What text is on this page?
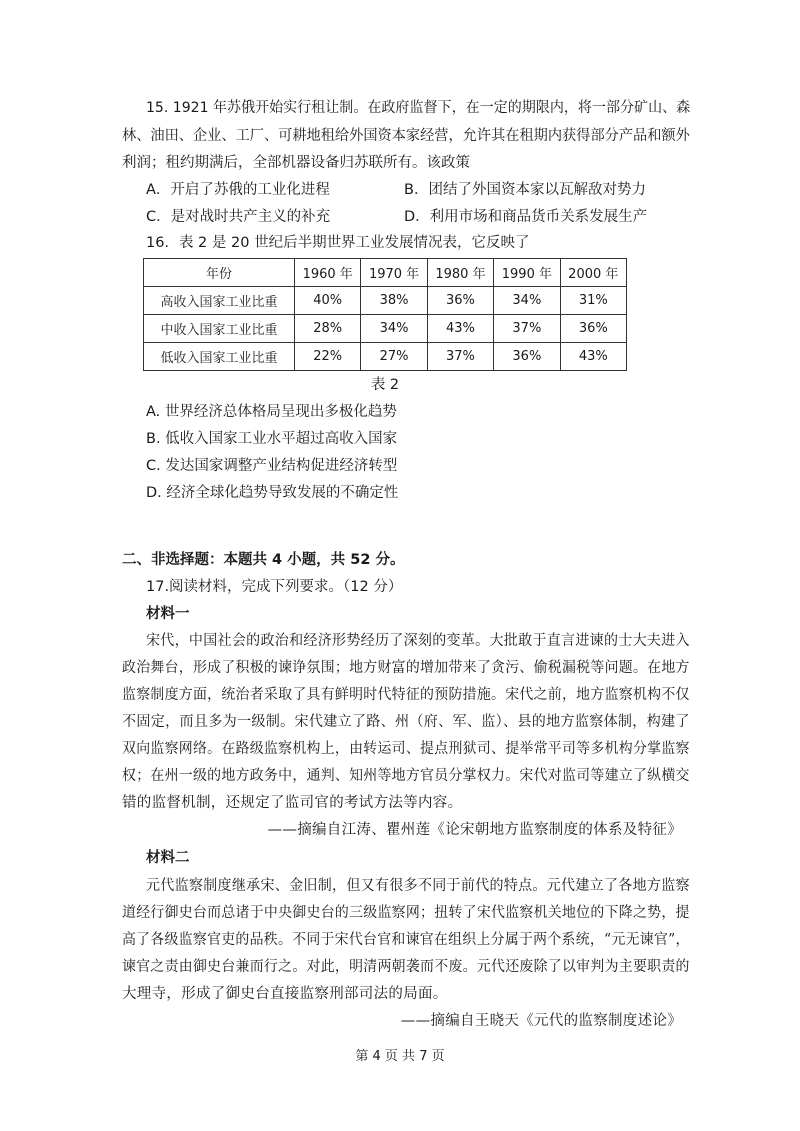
15. 1921 年苏俄开始实行租让制。在政府监督下，在一定的期限内，将一部分矿山、森
林、油田、企业、工厂、可耕地租给外国资本家经营，允许其在租期内获得部分产品和额外
利润；租约期满后，全部机器设备归苏联所有。该政策
A．开启了苏俄的工业化进程	B．团结了外国资本家以瓦解敌对势力
C．是对战时共产主义的补充	D．利用市场和商品货币关系发展生产
16．表 2 是 20 世纪后半期世界工业发展情况表，它反映了
年份	1960 年	1970 年	1980 年	1990 年	2000 年
高收入国家工业比重	40%	38%	36%	34%	31%
中收入国家工业比重	28%	34%	43%	37%	36%
低收入国家工业比重	22%	27%	37%	36%	43%
表 2
A. 世界经济总体格局呈现出多极化趋势
B. 低收入国家工业水平超过高收入国家
C. 发达国家调整产业结构促进经济转型
D. 经济全球化趋势导致发展的不确定性
二、非选择题：本题共 4 小题，共 52 分。
17.阅读材料，完成下列要求。（12 分）
材料一
宋代，中国社会的政治和经济形势经历了深刻的变革。大批敢于直言进谏的士大夫进入
政治舞台，形成了积极的谏诤氛围；地方财富的增加带来了贪污、偷税漏税等问题。在地方
监察制度方面，统治者采取了具有鲜明时代特征的预防措施。宋代之前，地方监察机构不仅
不固定，而且多为一级制。宋代建立了路、州（府、军、监）、县的地方监察体制，构建了
双向监察网络。在路级监察机构上，由转运司、提点刑狱司、提举常平司等多机构分掌监察
权；在州一级的地方政务中，通判、知州等地方官员分掌权力。宋代对监司等建立了纵横交
错的监督机制，还规定了监司官的考试方法等内容。
——摘编自江涛、瞿州莲《论宋朝地方监察制度的体系及特征》
材料二
元代监察制度继承宋、金旧制，但又有很多不同于前代的特点。元代建立了各地方监察
道经行御史台而总诸于中央御史台的三级监察网；扭转了宋代监察机关地位的下降之势，提
高了各级监察官吏的品秩。不同于宋代台官和谏官在组织上分属于两个系统，“元无谏官”，
谏官之责由御史台兼而行之。对此，明清两朝袭而不废。元代还废除了以审判为主要职责的
大理寺，形成了御史台直接监察刑部司法的局面。
——摘编自王晓天《元代的监察制度述论》
第 4 页 共 7 页
